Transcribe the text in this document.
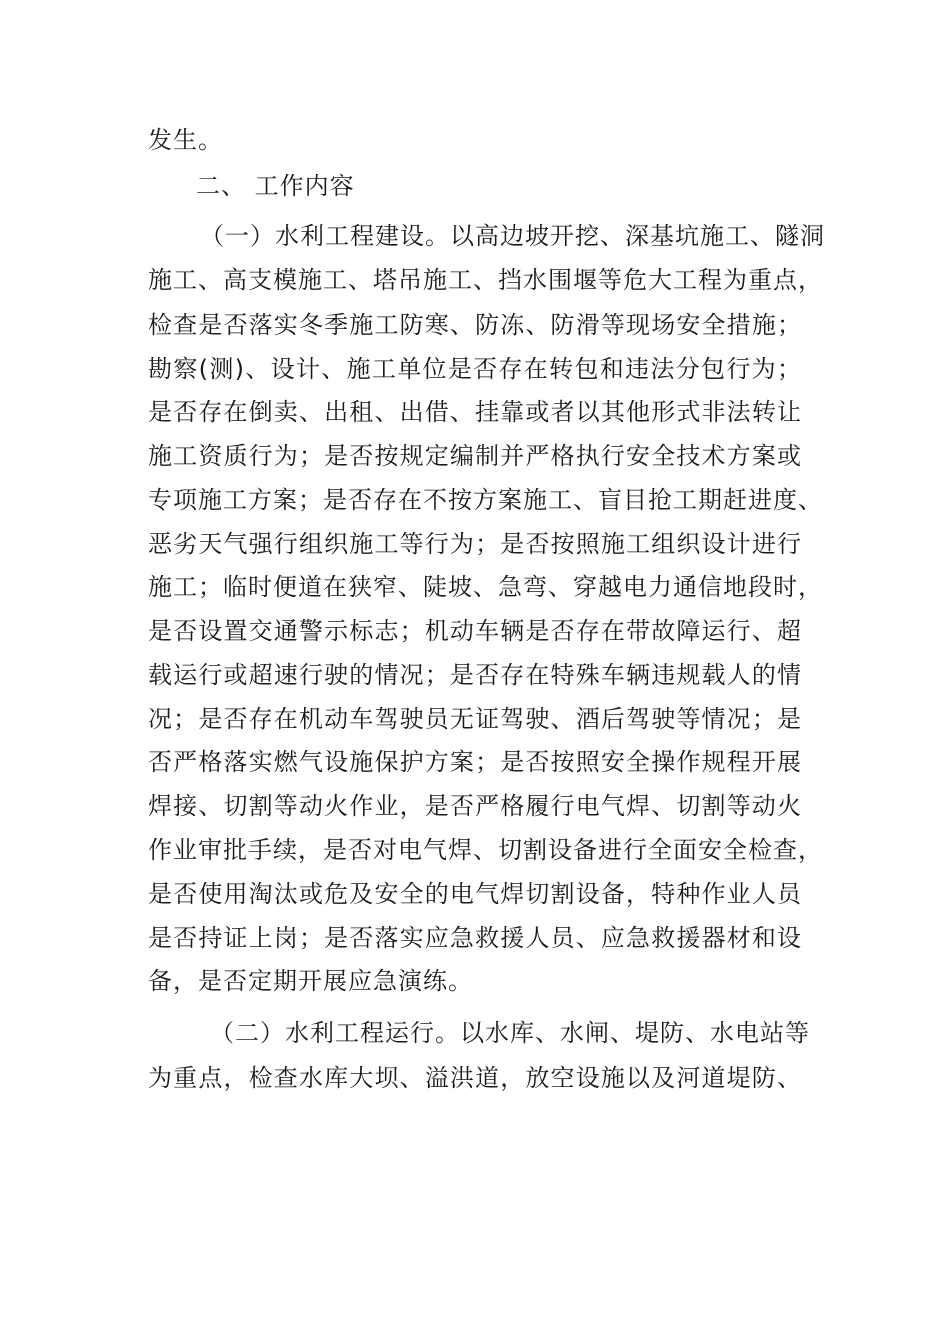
发生。
二、 工作内容
（一）水利工程建设。以高边坡开挖、深基坑施工、隧洞
施工、高支模施工、塔吊施工、挡水围堰等危大工程为重点，
检查是否落实冬季施工防寒、防冻、防滑等现场安全措施；
勘察(测)、设计、施工单位是否存在转包和违法分包行为；
是否存在倒卖、出租、出借、挂靠或者以其他形式非法转让
施工资质行为；是否按规定编制并严格执行安全技术方案或
专项施工方案；是否存在不按方案施工、盲目抢工期赶进度、
恶劣天气强行组织施工等行为；是否按照施工组织设计进行
施工；临时便道在狭窄、陡坡、急弯、穿越电力通信地段时，
是否设置交通警示标志；机动车辆是否存在带故障运行、超
载运行或超速行驶的情况；是否存在特殊车辆违规载人的情
况；是否存在机动车驾驶员无证驾驶、酒后驾驶等情况；是
否严格落实燃气设施保护方案；是否按照安全操作规程开展
焊接、切割等动火作业，是否严格履行电气焊、切割等动火
作业审批手续，是否对电气焊、切割设备进行全面安全检查，
是否使用淘汰或危及安全的电气焊切割设备，特种作业人员
是否持证上岗；是否落实应急救援人员、应急救援器材和设
备，是否定期开展应急演练。
（二）水利工程运行。以水库、水闸、堤防、水电站等
为重点，检查水库大坝、溢洪道，放空设施以及河道堤防、
